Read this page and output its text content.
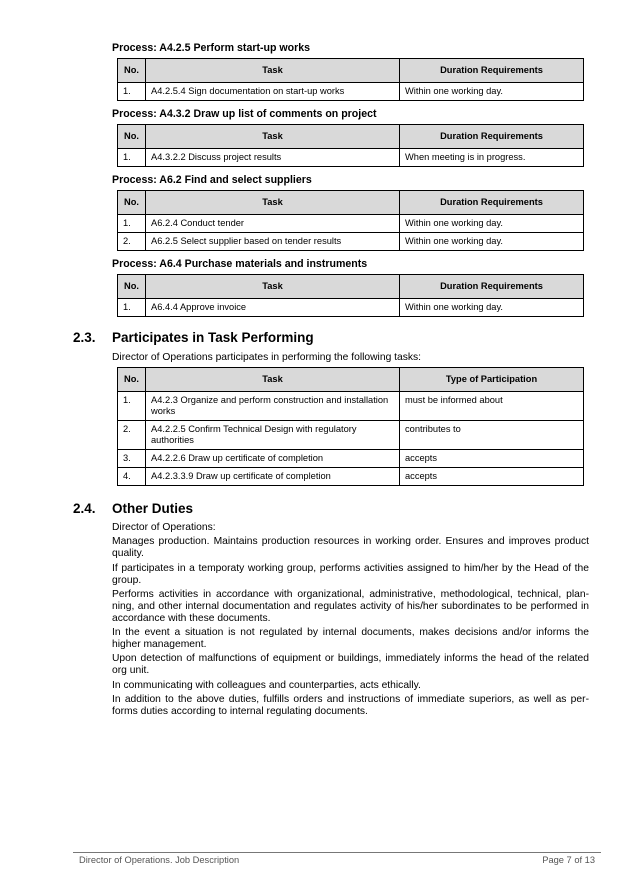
Process: A4.2.5 Perform start-up works
No.	Task	Duration Requirements
1.	A4.2.5.4 Sign documentation on start-up works	Within one working day.
Process: A4.3.2 Draw up list of comments on project
No.	Task	Duration Requirements
1.	A4.3.2.2 Discuss project results	When meeting is in progress.
Process: A6.2 Find and select suppliers
No.	Task	Duration Requirements
1.	A6.2.4 Conduct tender	Within one working day.
2.	A6.2.5 Select supplier based on tender results	Within one working day.
Process: A6.4 Purchase materials and instruments
No.	Task	Duration Requirements
1.	A6.4.4 Approve invoice	Within one working day.
2.3. Participates in Task Performing
Director of Operations participates in performing the following tasks:
No.	Task	Type of Participation
1.	A4.2.3 Organize and perform construction and installation works	must be informed about
2.	A4.2.2.5 Confirm Technical Design with regulatory authorities	contributes to
3.	A4.2.2.6 Draw up certificate of completion	accepts
4.	A4.2.3.3.9 Draw up certificate of completion	accepts
2.4. Other Duties

Director of Operations:

Manages production. Maintains production resources in working order. Ensures and improves product quality.

If participates in a temporaty working group, performs activities assigned to him/her by the Head of the group.

Performs activities in accordance with organizational, administrative, methodological, technical, plan-ning, and other internal documentation and regulates activity of his/her subordinates to be performed in accordance with these documents.

In the event a situation is not regulated by internal documents, makes decisions and/or informs the higher management.

Upon detection of malfunctions of equipment or buildings, immediately informs the head of the related org unit.

In communicating with colleagues and counterparties, acts ethically.

In addition to the above duties, fulfills orders and instructions of immediate superiors, as well as per-forms duties according to internal regulating documents.

Director of Operations. Job Description	Page 7 of 13
